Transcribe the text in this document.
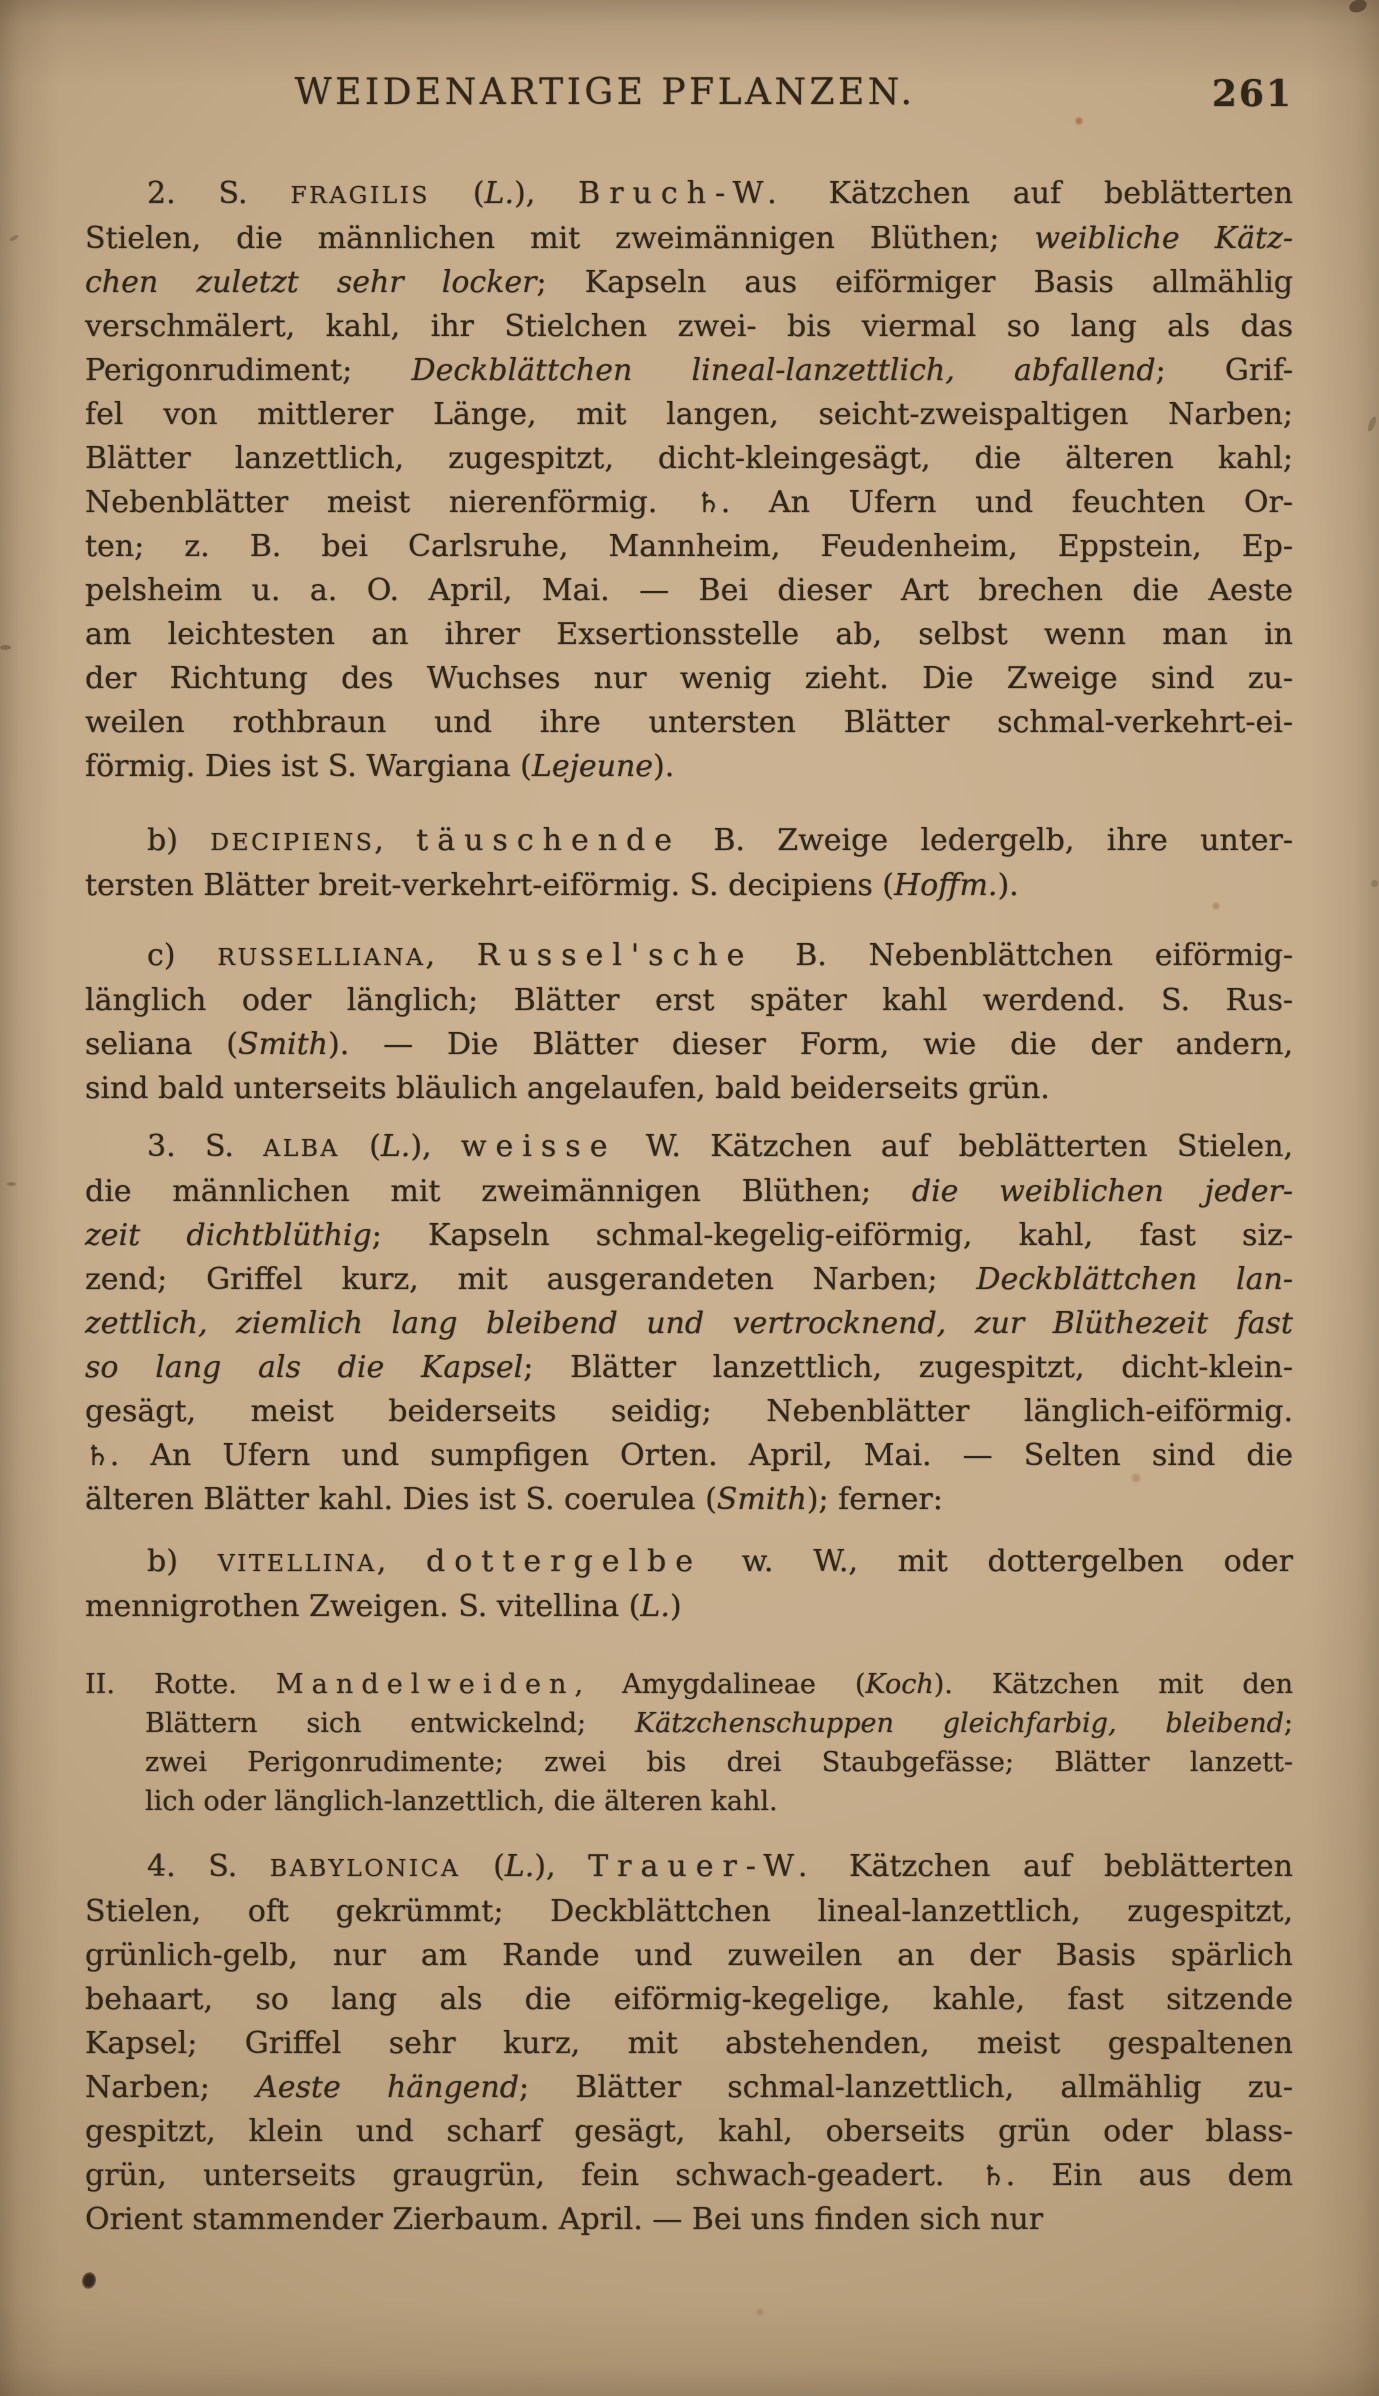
WEIDENARTIGE PFLANZEN.	261
2. S. FRAGILIS (L.), Bruch-W. Kätzchen auf beblätterten
Stielen, die männlichen mit zweimännigen Blüthen; weibliche Kätz-
chen zuletzt sehr locker; Kapseln aus eiförmiger Basis allmählig
verschmälert, kahl, ihr Stielchen zwei- bis viermal so lang als das
Perigonrudiment; Deckblättchen lineal-lanzettlich, abfallend; Grif-
fel von mittlerer Länge, mit langen, seicht-zweispaltigen Narben;
Blätter lanzettlich, zugespitzt, dicht-kleingesägt, die älteren kahl;
Nebenblätter meist nierenförmig. ♄. An Ufern und feuchten Or-
ten; z. B. bei Carlsruhe, Mannheim, Feudenheim, Eppstein, Ep-
pelsheim u. a. O. April, Mai. — Bei dieser Art brechen die Aeste
am leichtesten an ihrer Exsertionsstelle ab, selbst wenn man in
der Richtung des Wuchses nur wenig zieht. Die Zweige sind zu-
weilen rothbraun und ihre untersten Blätter schmal-verkehrt-ei-
förmig. Dies ist S. Wargiana (Lejeune).
b) DECIPIENS, täuschende B. Zweige ledergelb, ihre unter-
tersten Blätter breit-verkehrt-eiförmig. S. decipiens (Hoffm.).
c) RUSSELLIANA, Russel'sche B. Nebenblättchen eiförmig-
länglich oder länglich; Blätter erst später kahl werdend. S. Rus-
seliana (Smith). — Die Blätter dieser Form, wie die der andern,
sind bald unterseits bläulich angelaufen, bald beiderseits grün.
3. S. ALBA (L.), weisse W. Kätzchen auf beblätterten Stielen,
die männlichen mit zweimännigen Blüthen; die weiblichen jeder-
zeit dichtblüthig; Kapseln schmal-kegelig-eiförmig, kahl, fast siz-
zend; Griffel kurz, mit ausgerandeten Narben; Deckblättchen lan-
zettlich, ziemlich lang bleibend und vertrocknend, zur Blüthezeit fast
so lang als die Kapsel; Blätter lanzettlich, zugespitzt, dicht-klein-
gesägt, meist beiderseits seidig; Nebenblätter länglich-eiförmig.
♄. An Ufern und sumpfigen Orten. April, Mai. — Selten sind die
älteren Blätter kahl. Dies ist S. coerulea (Smith); ferner:
b) VITELLINA, dottergelbe w. W., mit dottergelben oder
mennigrothen Zweigen. S. vitellina (L.)
II. Rotte. Mandelweiden, Amygdalineae (Koch). Kätzchen mit den
Blättern sich entwickelnd; Kätzchenschuppen gleichfarbig, bleibend;
zwei Perigonrudimente; zwei bis drei Staubgefässe; Blätter lanzett-
lich oder länglich-lanzettlich, die älteren kahl.
4. S. BABYLONICA (L.), Trauer-W. Kätzchen auf beblätterten
Stielen, oft gekrümmt; Deckblättchen lineal-lanzettlich, zugespitzt,
grünlich-gelb, nur am Rande und zuweilen an der Basis spärlich
behaart, so lang als die eiförmig-kegelige, kahle, fast sitzende
Kapsel; Griffel sehr kurz, mit abstehenden, meist gespaltenen
Narben; Aeste hängend; Blätter schmal-lanzettlich, allmählig zu-
gespitzt, klein und scharf gesägt, kahl, oberseits grün oder blass-
grün, unterseits graugrün, fein schwach-geadert. ♄. Ein aus dem
Orient stammender Zierbaum. April. — Bei uns finden sich nur
